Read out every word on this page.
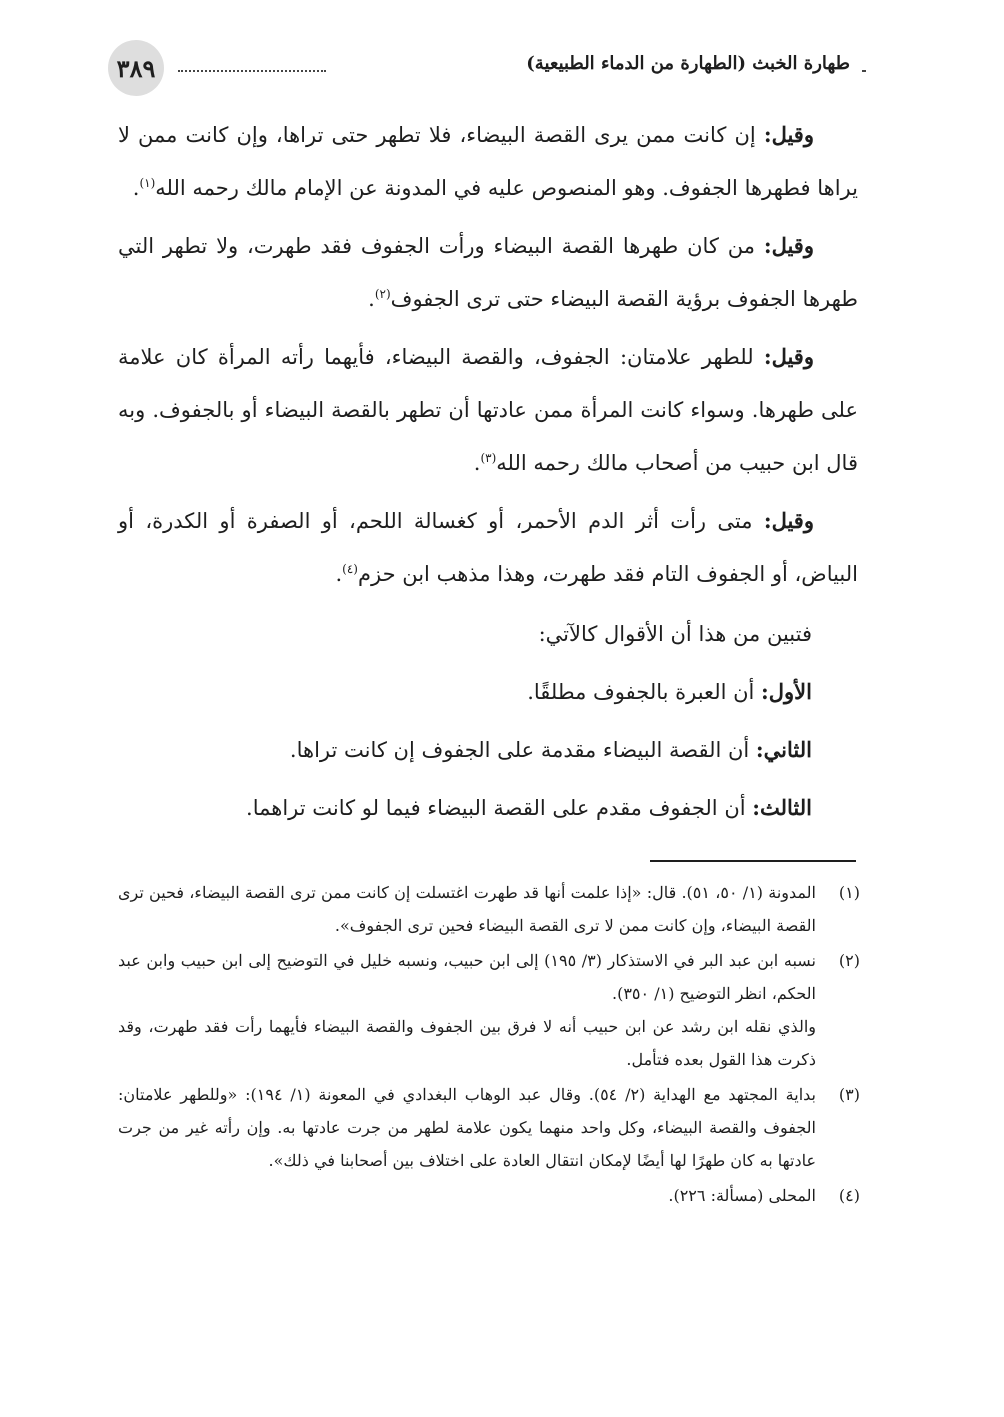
طهارة الخبث (الطهارة من الدماء الطبيعية)
٣٨٩

وقيل: إن كانت ممن يرى القصة البيضاء، فلا تطهر حتى تراها، وإن كانت ممن لا يراها فطهرها الجفوف. وهو المنصوص عليه في المدونة عن الإمام مالك رحمه الله$^{(١)}$.

وقيل: من كان طهرها القصة البيضاء ورأت الجفوف فقد طهرت، ولا تطهر التي طهرها الجفوف برؤية القصة البيضاء حتى ترى الجفوف$^{(٢)}$.

وقيل: للطهر علامتان: الجفوف، والقصة البيضاء، فأيهما رأته المرأة كان علامة على طهرها. وسواء كانت المرأة ممن عادتها أن تطهر بالقصة البيضاء أو بالجفوف. وبه قال ابن حبيب من أصحاب مالك رحمه الله$^{(٣)}$.

وقيل: متى رأت أثر الدم الأحمر، أو كغسالة اللحم، أو الصفرة أو الكدرة، أو البياض، أو الجفوف التام فقد طهرت، وهذا مذهب ابن حزم$^{(٤)}$.

فتبين من هذا أن الأقوال كالآتي:

الأول: أن العبرة بالجفوف مطلقًا.

الثاني: أن القصة البيضاء مقدمة على الجفوف إن كانت تراها.

الثالث: أن الجفوف مقدم على القصة البيضاء فيما لو كانت تراهما.

(١)

المدونة (١/ ٥٠، ٥١). قال: «إذا علمت أنها قد طهرت اغتسلت إن كانت ممن ترى القصة البيضاء، فحين ترى القصة البيضاء، وإن كانت ممن لا ترى القصة البيضاء فحين ترى الجفوف».

(٢)

نسبه ابن عبد البر في الاستذكار (٣/ ١٩٥) إلى ابن حبيب، ونسبه خليل في التوضيح إلى ابن حبيب وابن عبد الحكم، انظر التوضيح (١/ ٣٥٠).

والذي نقله ابن رشد عن ابن حبيب أنه لا فرق بين الجفوف والقصة البيضاء فأيهما رأت فقد طهرت، وقد ذكرت هذا القول بعده فتأمل.

(٣)

بداية المجتهد مع الهداية (٢/ ٥٤). وقال عبد الوهاب البغدادي في المعونة (١/ ١٩٤): «وللطهر علامتان: الجفوف والقصة البيضاء، وكل واحد منهما يكون علامة لطهر من جرت عادتها به. وإن رأته غير من جرت عادتها به كان طهرًا لها أيضًا لإمكان انتقال العادة على اختلاف بين أصحابنا في ذلك».

(٤)

المحلى (مسألة: ٢٢٦).
